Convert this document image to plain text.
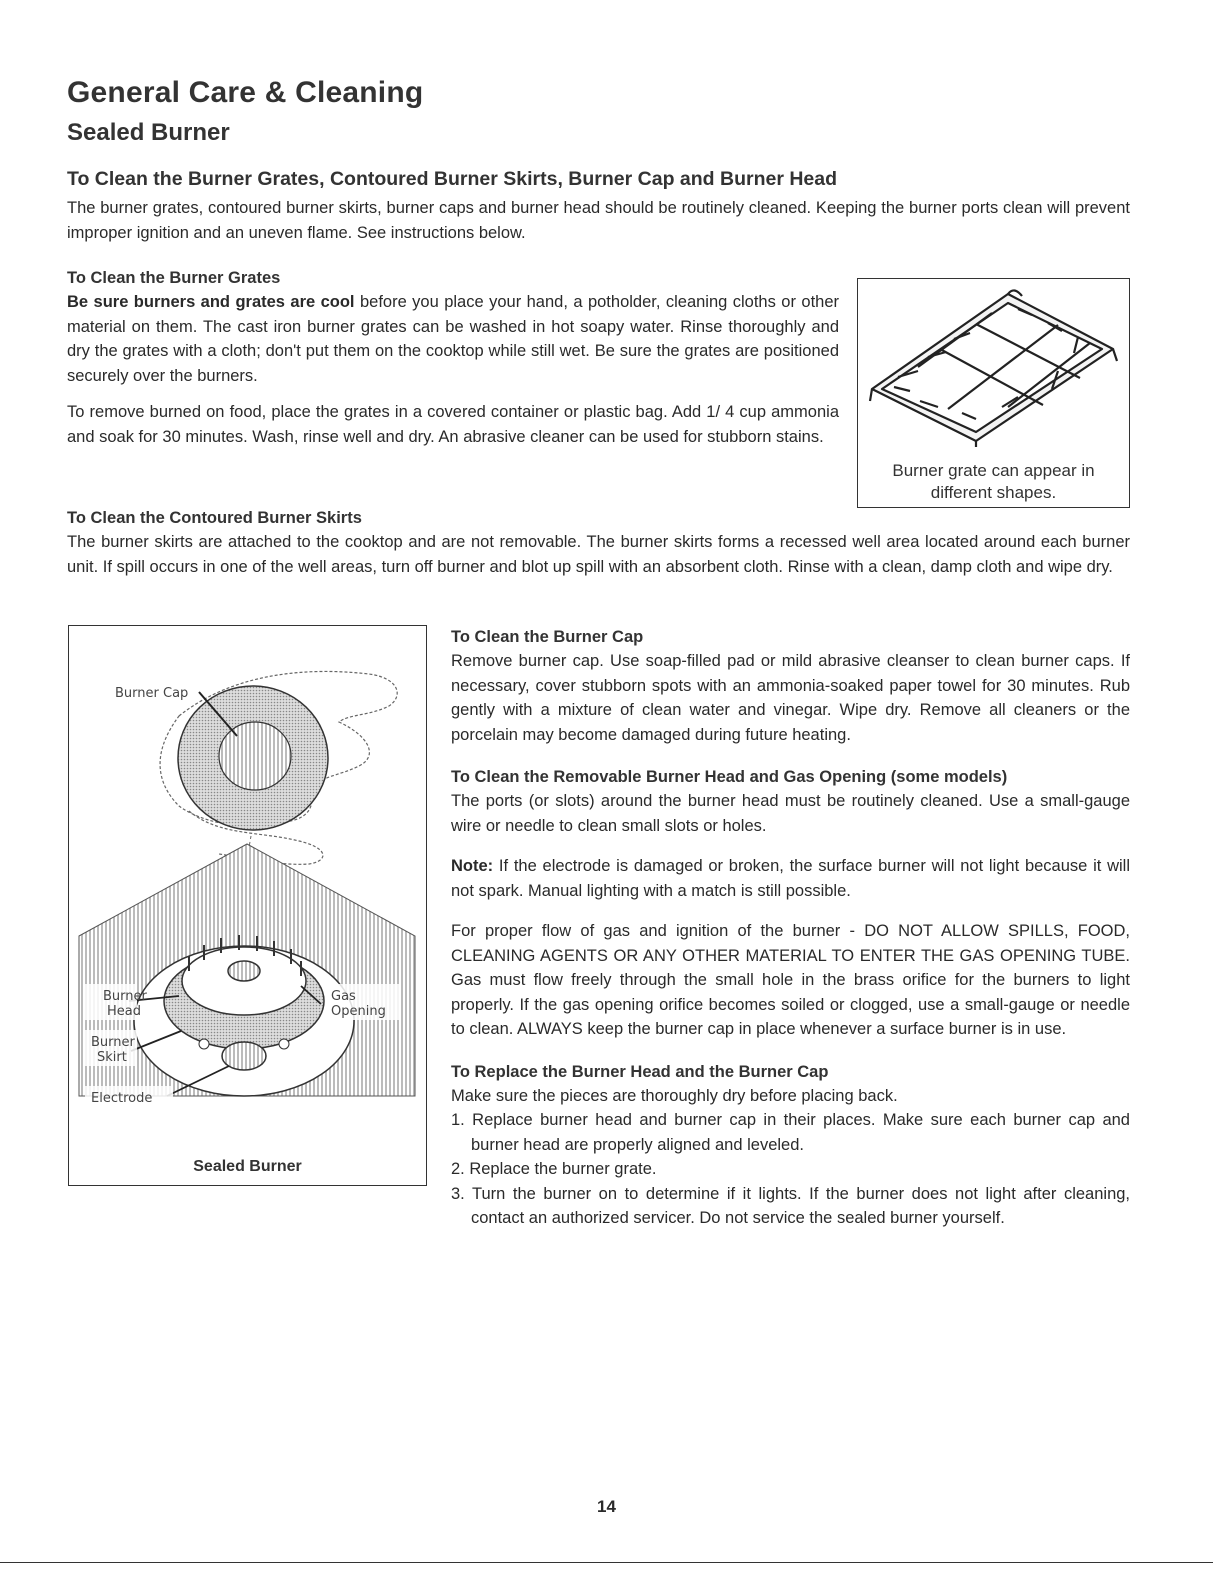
General Care & Cleaning
Sealed Burner
To Clean the Burner Grates, Contoured Burner Skirts, Burner Cap and Burner Head

The burner grates, contoured burner skirts, burner caps and burner head should be routinely cleaned. Keeping the burner ports clean will prevent improper ignition and an uneven flame. See instructions below.

To Clean the Burner Grates

Be sure burners and grates are cool before you place your hand, a potholder, cleaning cloths or other material on them. The cast iron burner grates can be washed in hot soapy water. Rinse thoroughly and dry the grates with a cloth; don't put them on the cooktop while still wet. Be sure the grates are positioned securely over the burners.

To remove burned on food, place the grates in a covered container or plastic bag. Add 1/ 4 cup ammonia and soak for 30 minutes. Wash, rinse well and dry. An abrasive cleaner can be used for stubborn stains.

Burner grate can appear in different shapes.

To Clean the Contoured Burner Skirts

The burner skirts are attached to the cooktop and are not removable. The burner skirts forms a recessed well area located around each burner unit. If spill occurs in one of the well areas, turn off burner and blot up spill with an absorbent cloth. Rinse with a clean, damp cloth and wipe dry.

Burner Cap
Burner
Head
Burner
Skirt
Electrode
Gas
Opening
Sealed Burner

To Clean the Burner Cap

Remove burner cap. Use soap-filled pad or mild abrasive cleanser to clean burner caps. If necessary, cover stubborn spots with an ammonia-soaked paper towel for 30 minutes. Rub gently with a mixture of clean water and vinegar. Wipe dry. Remove all cleaners or the porcelain may become damaged during future heating.

To Clean the Removable Burner Head and Gas Opening (some models)

The ports (or slots) around the burner head must be routinely cleaned. Use a small-gauge wire or needle to clean small slots or holes.

Note: If the electrode is damaged or broken, the surface burner will not light because it will not spark. Manual lighting with a match is still possible.

For proper flow of gas and ignition of the burner - DO NOT ALLOW SPILLS, FOOD, CLEANING AGENTS OR ANY OTHER MATERIAL TO ENTER THE GAS OPENING TUBE. Gas must flow freely through the small hole in the brass orifice for the burners to light properly. If the gas opening orifice becomes soiled or clogged, use a small-gauge or needle to clean. ALWAYS keep the burner cap in place whenever a surface burner is in use.

To Replace the Burner Head and the Burner Cap

Make sure the pieces are thoroughly dry before placing back.

1. Replace burner head and burner cap in their places. Make sure each burner cap and burner head are properly aligned and leveled.
2. Replace the burner grate.
3. Turn the burner on to determine if it lights. If the burner does not light after cleaning, contact an authorized servicer. Do not service the sealed burner yourself.
14
